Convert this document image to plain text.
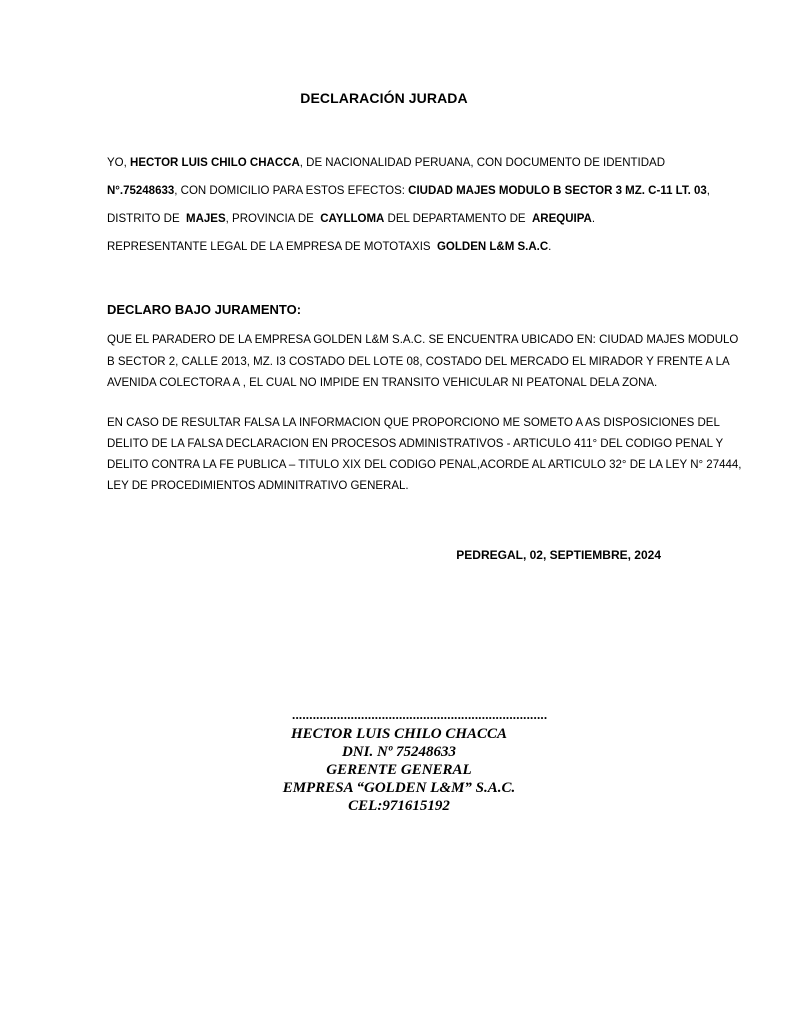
DECLARACIÓN JURADA
YO, HECTOR LUIS CHILO CHACCA, DE NACIONALIDAD PERUANA, CON DOCUMENTO DE IDENTIDAD
N°.75248633, CON DOMICILIO PARA ESTOS EFECTOS: CIUDAD MAJES MODULO B SECTOR 3 MZ. C-11 LT. 03,
DISTRITO DE MAJES, PROVINCIA DE CAYLLOMA DEL DEPARTAMENTO DE AREQUIPA.
REPRESENTANTE LEGAL DE LA EMPRESA DE MOTOTAXIS GOLDEN L&M S.A.C.
DECLARO BAJO JURAMENTO:
QUE EL PARADERO DE LA EMPRESA GOLDEN L&M S.A.C. SE ENCUENTRA UBICADO EN: CIUDAD MAJES MODULO
B SECTOR 2, CALLE 2013, MZ. I3 COSTADO DEL LOTE 08, COSTADO DEL MERCADO EL MIRADOR Y FRENTE A LA
AVENIDA COLECTORA A , EL CUAL NO IMPIDE EN TRANSITO VEHICULAR NI PEATONAL DELA ZONA.
EN CASO DE RESULTAR FALSA LA INFORMACION QUE PROPORCIONO ME SOMETO A AS DISPOSICIONES DEL
DELITO DE LA FALSA DECLARACION EN PROCESOS ADMINISTRATIVOS - ARTICULO 411° DEL CODIGO PENAL Y
DELITO CONTRA LA FE PUBLICA – TITULO XIX DEL CODIGO PENAL,ACORDE AL ARTICULO 32° DE LA LEY N° 27444,
LEY DE PROCEDIMIENTOS ADMINITRATIVO GENERAL.
PEDREGAL, 02, SEPTIEMBRE, 2024
..........................................................................
HECTOR LUIS CHILO CHACCA
DNI. Nº 75248633
GERENTE GENERAL
EMPRESA “GOLDEN L&M” S.A.C.
CEL:971615192
